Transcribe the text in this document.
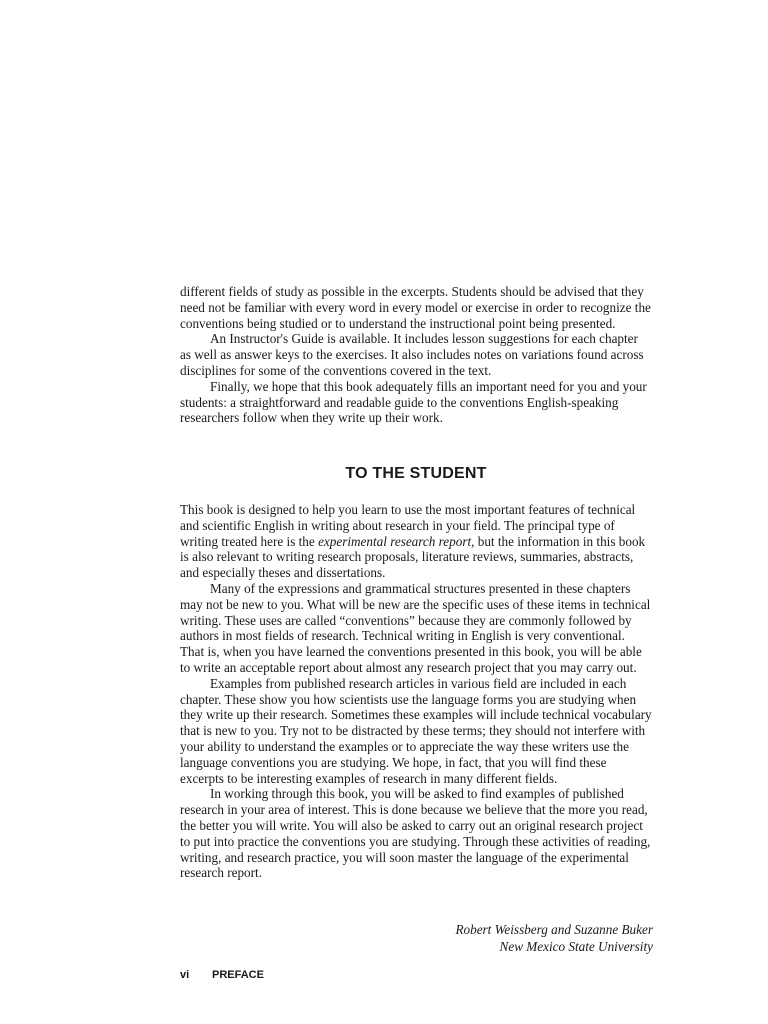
different fields of study as possible in the excerpts. Students should be advised that they need not be familiar with every word in every model or exercise in order to recognize the conventions being studied or to understand the instructional point being presented.

An Instructor's Guide is available. It includes lesson suggestions for each chapter as well as answer keys to the exercises. It also includes notes on variations found across disciplines for some of the conventions covered in the text.

Finally, we hope that this book adequately fills an important need for you and your students: a straightforward and readable guide to the conventions English-speaking researchers follow when they write up their work.

TO THE STUDENT

This book is designed to help you learn to use the most important features of technical and scientific English in writing about research in your field. The principal type of writing treated here is the experimental research report, but the information in this book is also relevant to writing research proposals, literature reviews, summaries, abstracts, and especially theses and dissertations.

Many of the expressions and grammatical structures presented in these chapters may not be new to you. What will be new are the specific uses of these items in technical writing. These uses are called “conventions” because they are commonly followed by authors in most fields of research. Technical writing in English is very conventional. That is, when you have learned the conventions presented in this book, you will be able to write an acceptable report about almost any research project that you may carry out.

Examples from published research articles in various field are included in each chapter. These show you how scientists use the language forms you are studying when they write up their research. Sometimes these examples will include technical vocabulary that is new to you. Try not to be distracted by these terms; they should not interfere with your ability to understand the examples or to appreciate the way these writers use the language conventions you are studying. We hope, in fact, that you will find these excerpts to be interesting examples of research in many different fields.

In working through this book, you will be asked to find examples of published research in your area of interest. This is done because we believe that the more you read, the better you will write. You will also be asked to carry out an original research project to put into practice the conventions you are studying. Through these activities of reading, writing, and research practice, you will soon master the language of the experimental research report.

Robert Weissberg and Suzanne Buker
New Mexico State University
vi PREFACE
